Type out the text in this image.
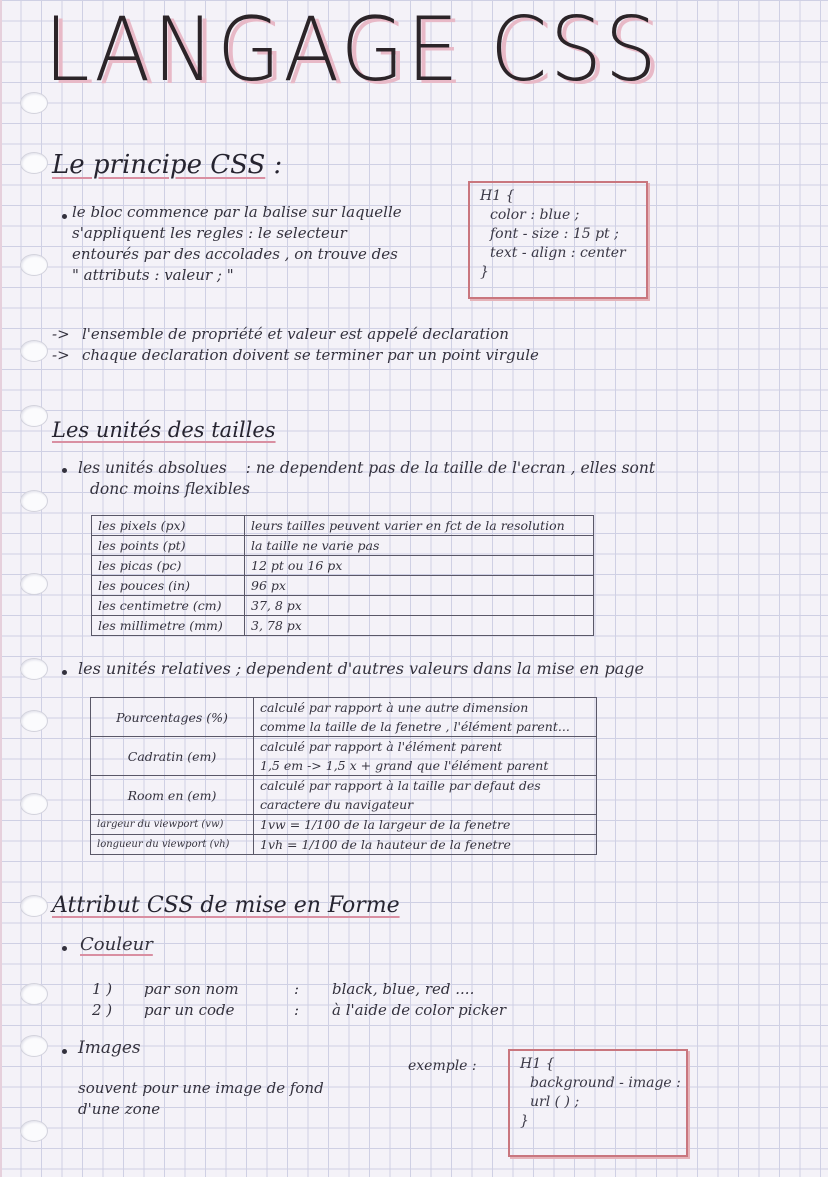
LANGAGE CSS
Le principe CSS :
le bloc commence par la balise sur laquelle
s'appliquent les regles : le selecteur
entourés par des accolades , on trouve des
" attributs : valeur ; "
H1 {
color : blue ;
font - size : 15 pt ;
text - align : center
}
-> l'ensemble de propriété et valeur est appelé declaration
-> chaque declaration doivent se terminer par un point virgule
Les unités des tailles
les unités absolues : ne dependent pas de la taille de l'ecran , elles sont
donc moins flexibles
les pixels (px)	leurs tailles peuvent varier en fct de la resolution
les points (pt)	la taille ne varie pas
les picas (pc)	12 pt ou 16 px
les pouces (in)	96 px
les centimetre (cm)	37, 8 px
les millimetre (mm)	3, 78 px
les unités relatives ; dependent d'autres valeurs dans la mise en page
Pourcentages (%)	calculé par rapport à une autre dimension
comme la taille de la fenetre , l'élément parent...

Cadratin (em)	calculé par rapport à l'élément parent
1,5 em -> 1,5 x + grand que l'élément parent

Room en (em)	calculé par rapport à la taille par defaut des
caractere du navigateur

largeur du viewport (vw)	1vw = 1/100 de la largeur de la fenetre
longueur du viewport (vh)	1vh = 1/100 de la hauteur de la fenetre
Attribut CSS de mise en Forme
Couleur
1 ) par son nom	: black, blue, red ....
2 ) par un code	: à l'aide de color picker
Images
souvent pour une image de fond
d'une zone
exemple :	H1 {
background - image :
url ( ) ;
}
